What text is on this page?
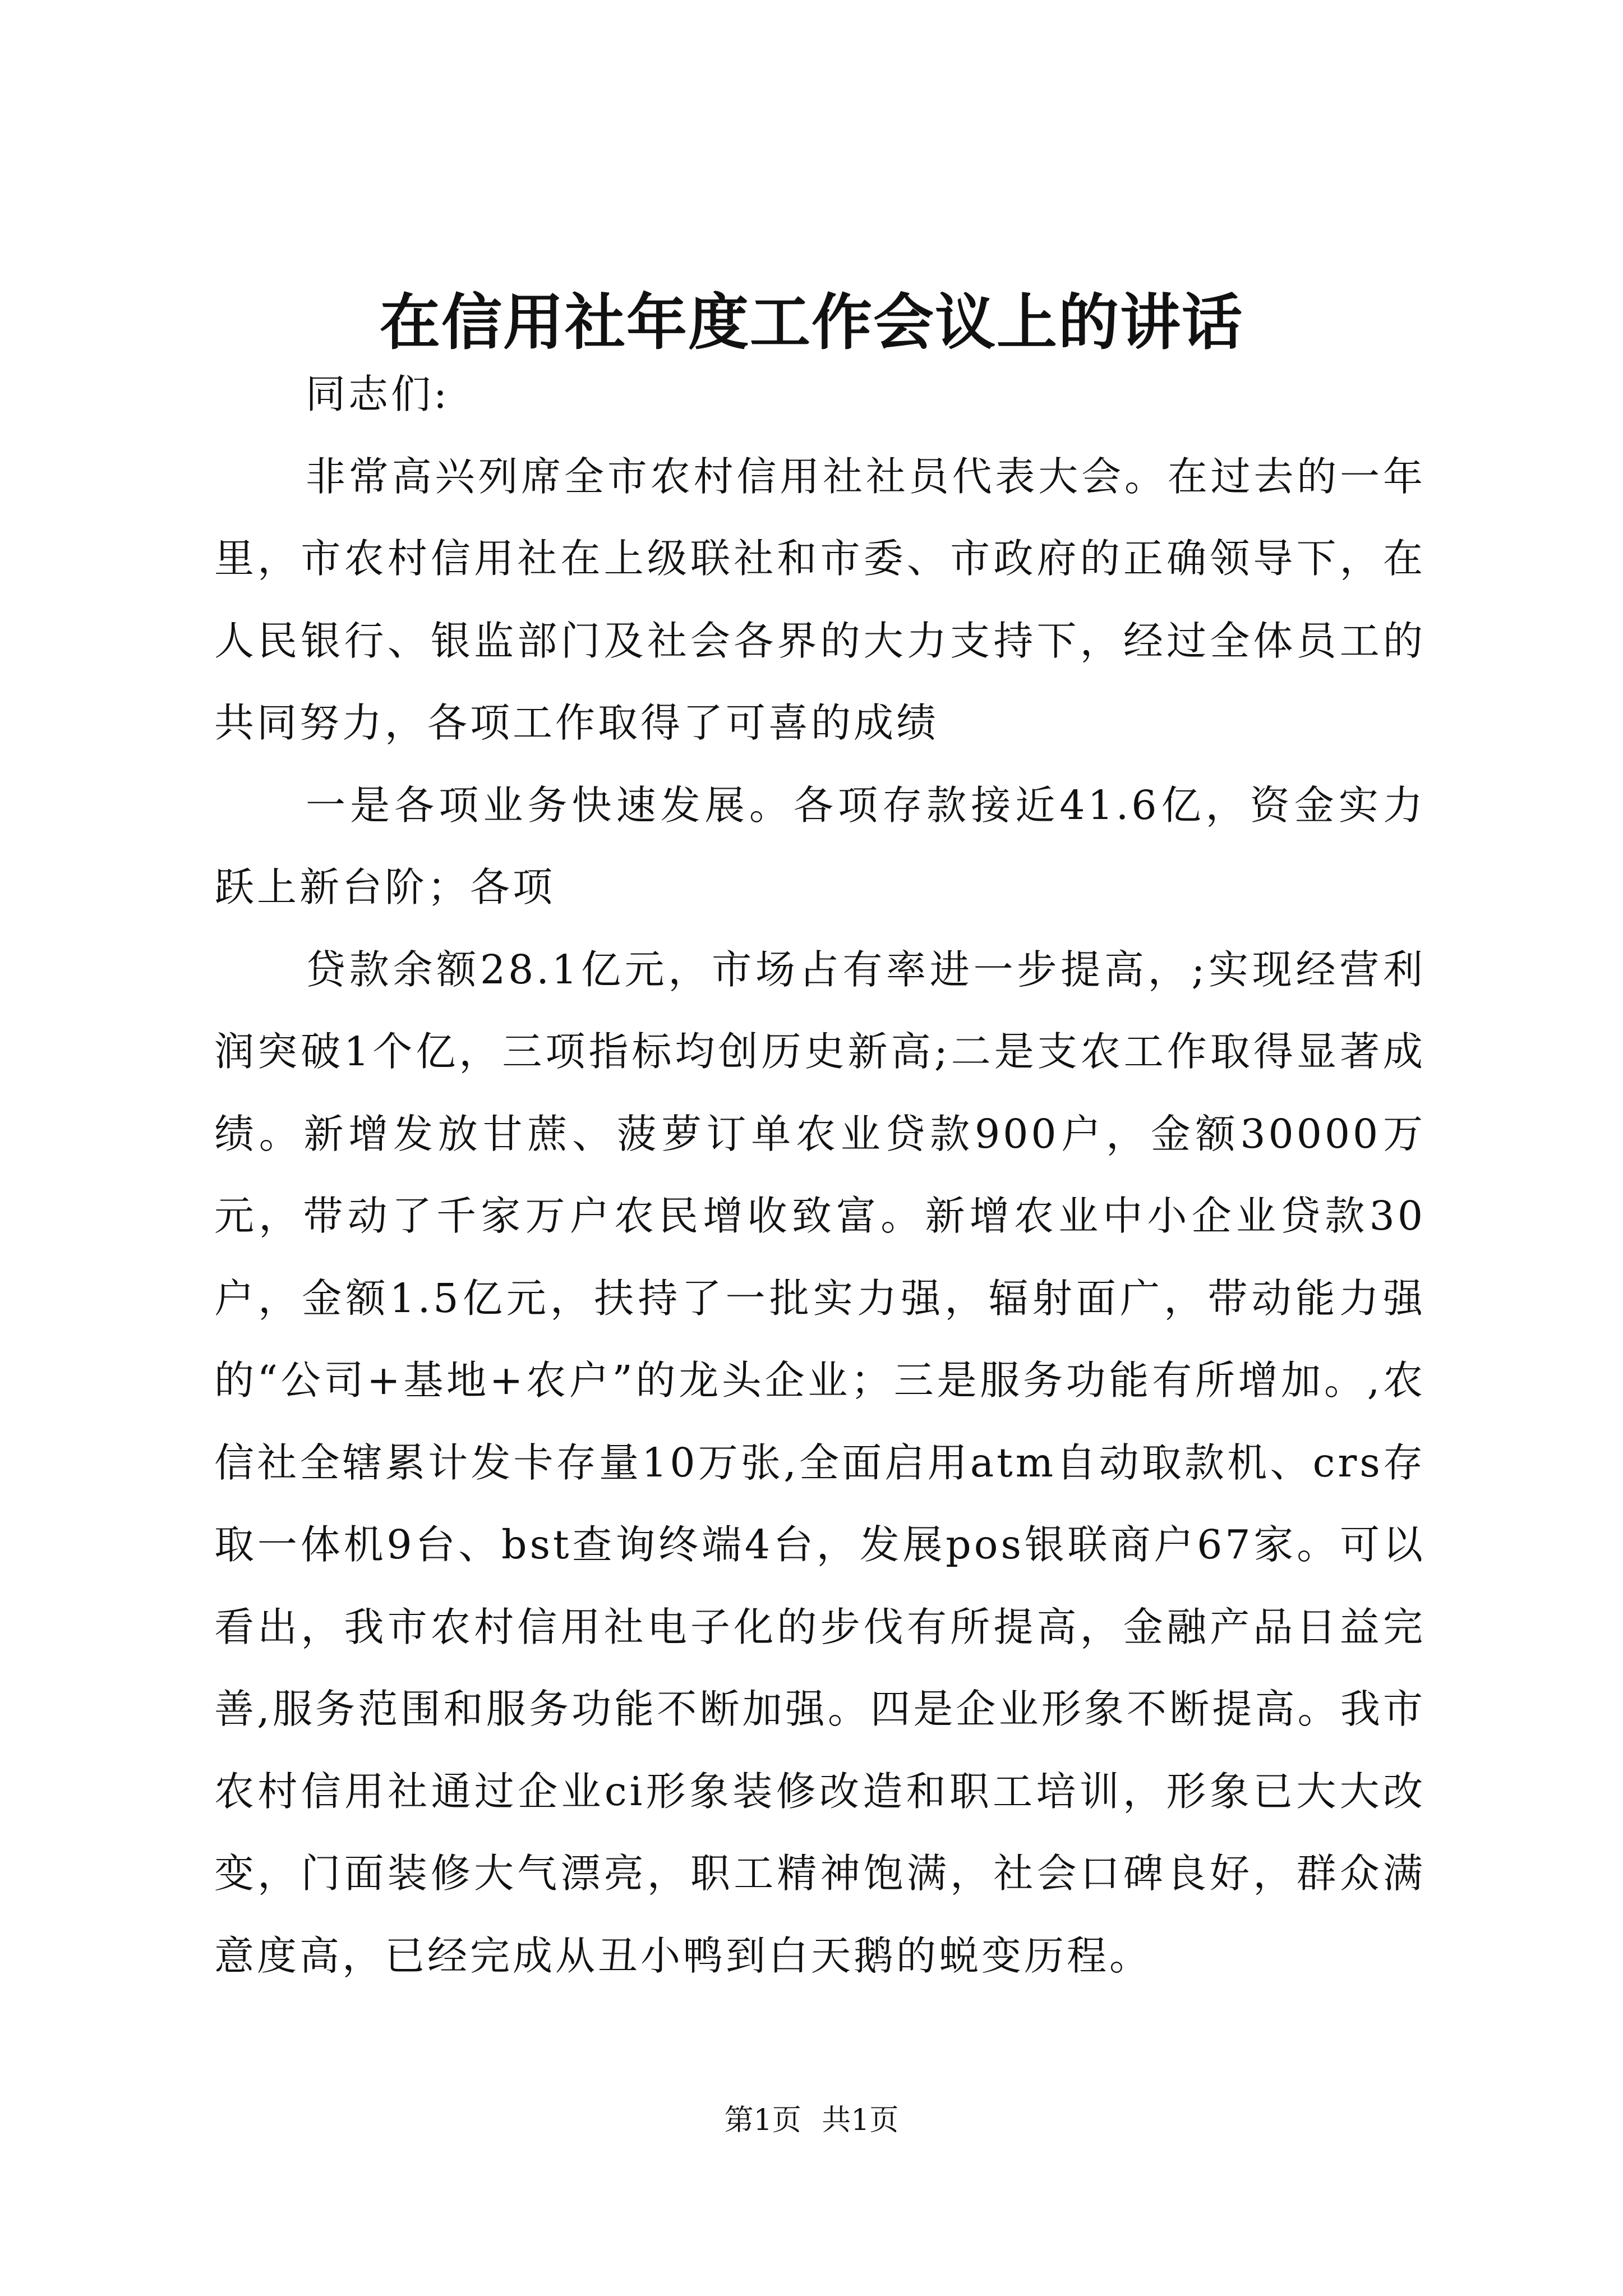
在信用社年度工作会议上的讲话

同志们:

非常高兴列席全市农村信用社社员代表大会。在过去的一年里，市农村信用社在上级联社和市委、市政府的正确领导下，在人民银行、银监部门及社会各界的大力支持下，经过全体员工的共同努力，各项工作取得了可喜的成绩

一是各项业务快速发展。各项存款接近41.6亿，资金实力跃上新台阶；各项

贷款余额28.1亿元，市场占有率进一步提高，;实现经营利润突破1个亿，三项指标均创历史新高;二是支农工作取得显著成绩。新增发放甘蔗、菠萝订单农业贷款900户，金额30000万元，带动了千家万户农民增收致富。新增农业中小企业贷款30户，金额1.5亿元，扶持了一批实力强，辐射面广，带动能力强的“公司+基地+农户”的龙头企业；三是服务功能有所增加。,农信社全辖累计发卡存量10万张,全面启用atm自动取款机、crs存取一体机9台、bst查询终端4台，发展pos银联商户67家。可以看出，我市农村信用社电子化的步伐有所提高，金融产品日益完善,服务范围和服务功能不断加强。四是企业形象不断提高。我市农村信用社通过企业ci形象装修改造和职工培训，形象已大大改变，门面装修大气漂亮，职工精神饱满，社会口碑良好，群众满意度高，已经完成从丑小鸭到白天鹅的蜕变历程。

第1页 共1页
